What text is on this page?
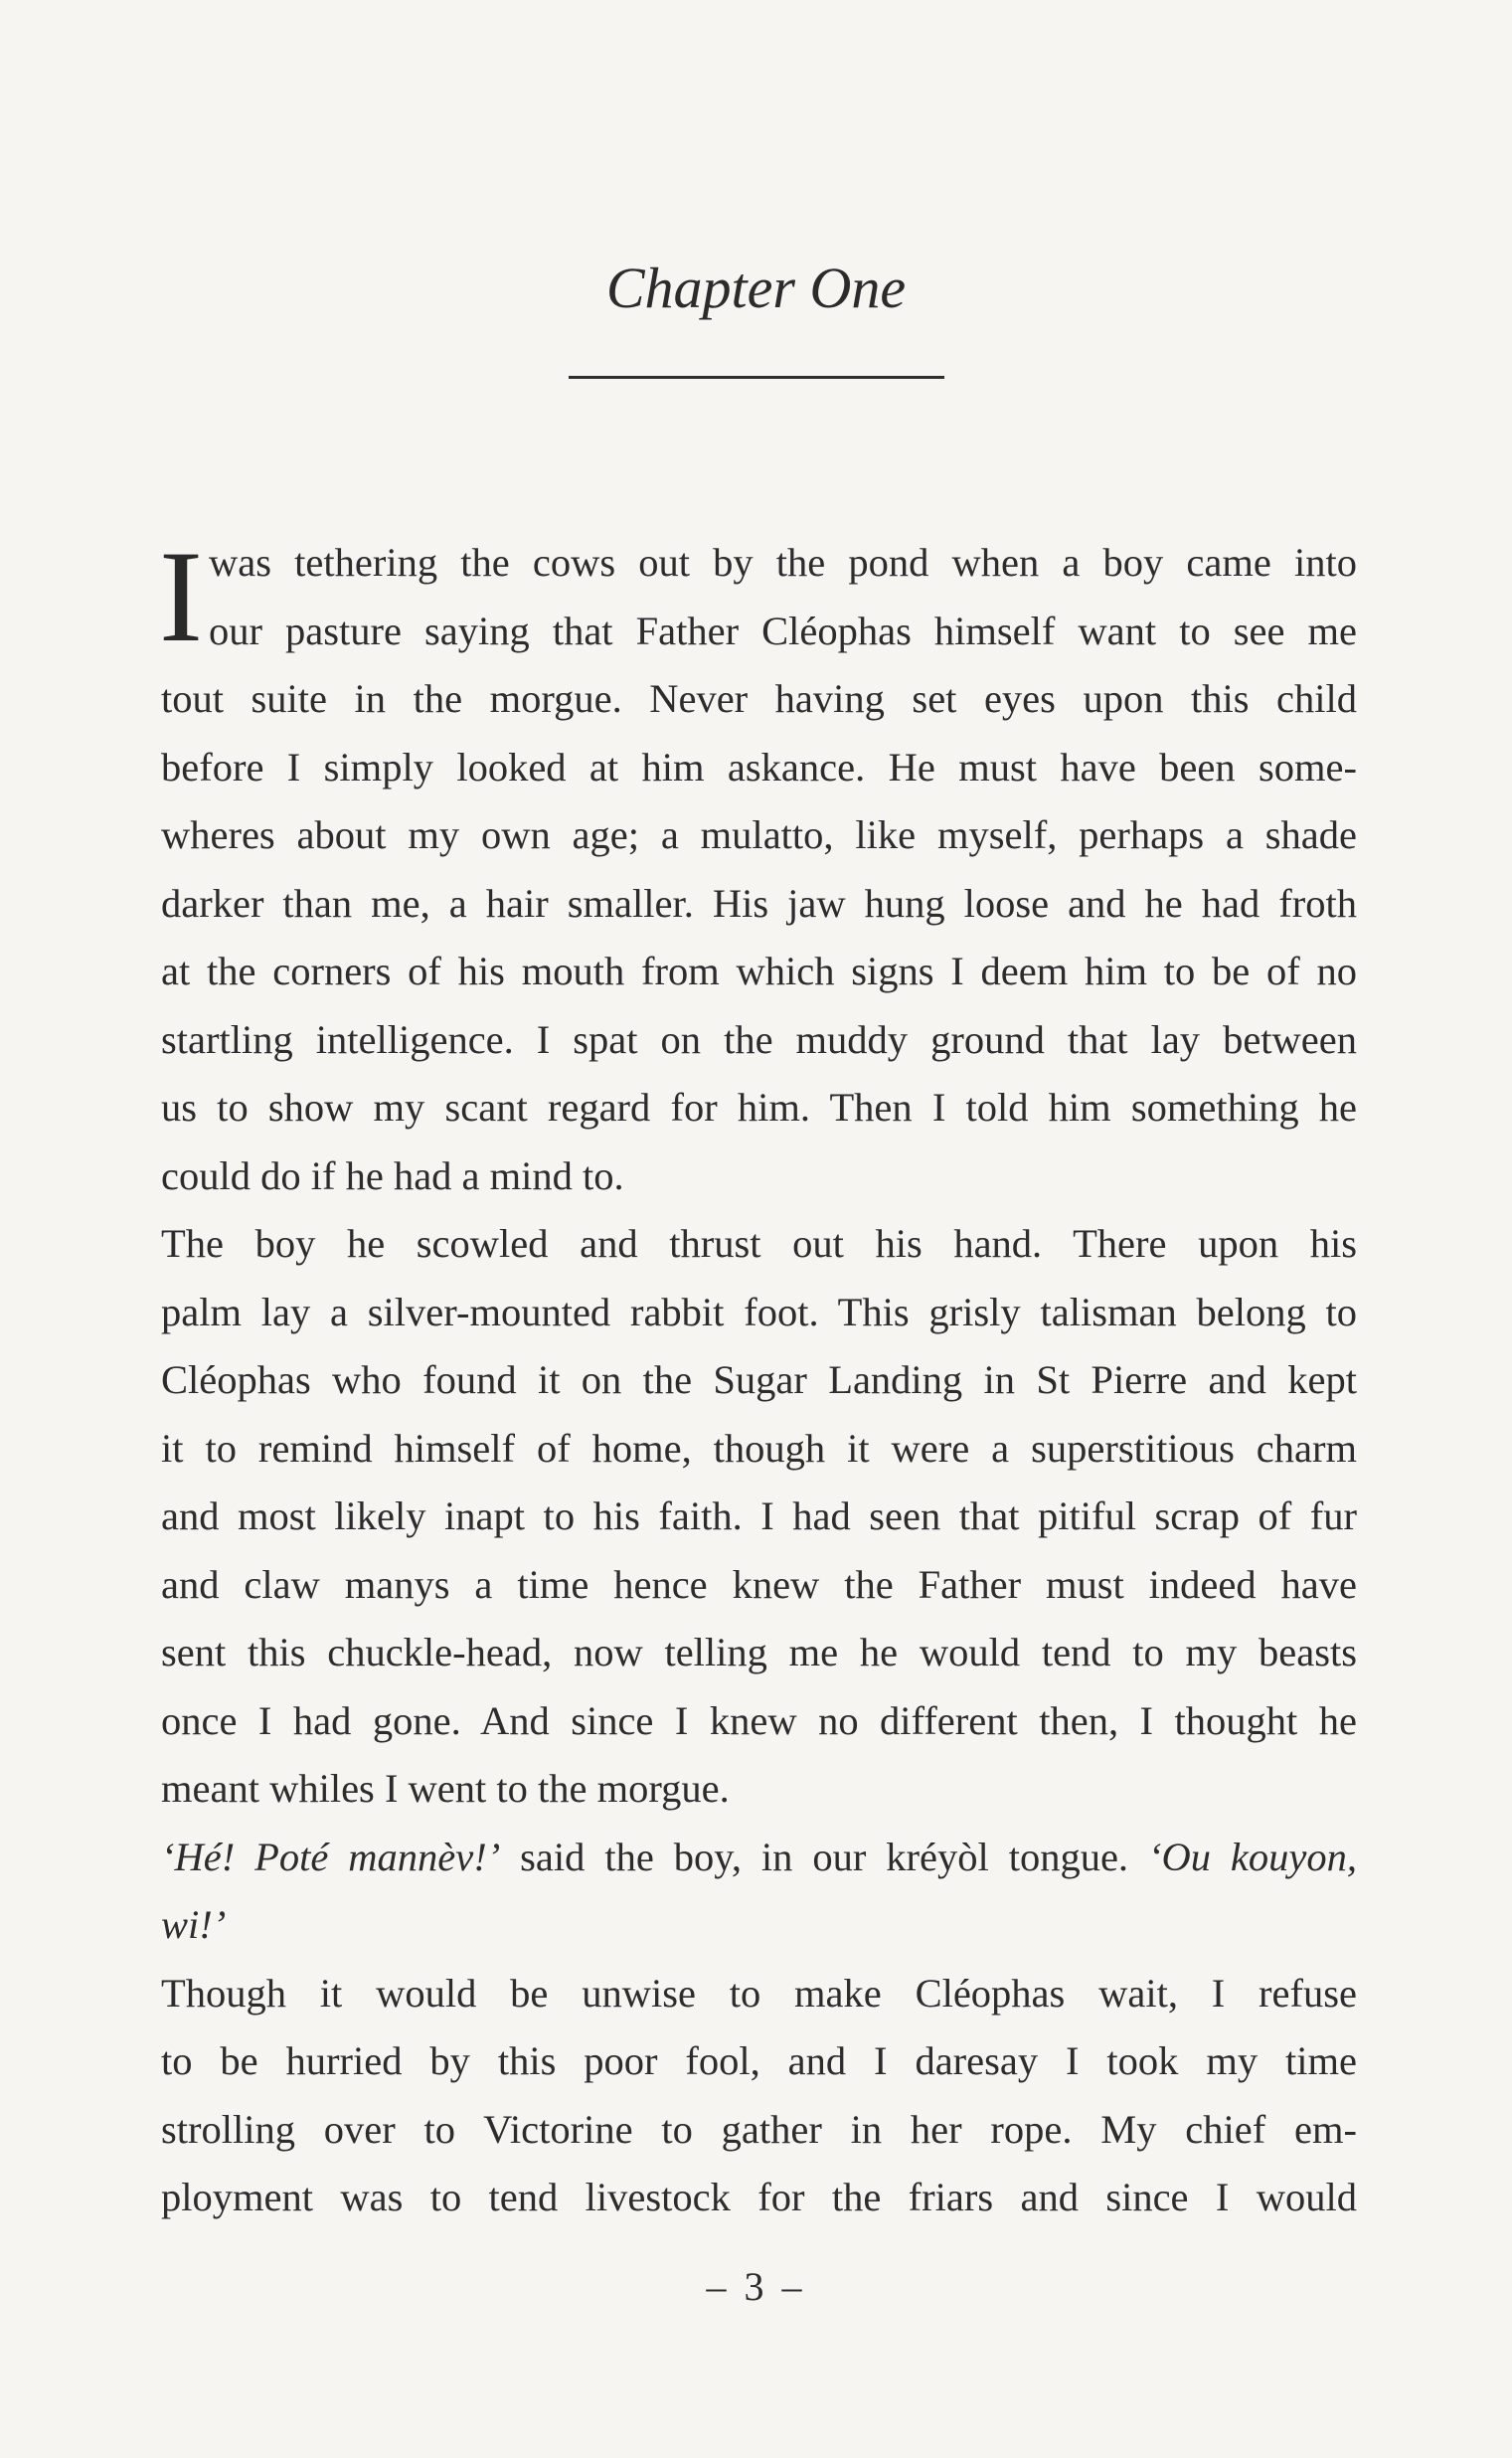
Chapter One
I was tethering the cows out by the pond when a boy came into
our pasture saying that Father Cléophas himself want to see me
tout suite in the morgue. Never having set eyes upon this child
before I simply looked at him askance. He must have been some-
wheres about my own age; a mulatto, like myself, perhaps a shade
darker than me, a hair smaller. His jaw hung loose and he had froth
at the corners of his mouth from which signs I deem him to be of no
startling intelligence. I spat on the muddy ground that lay between
us to show my scant regard for him. Then I told him something he
could do if he had a mind to.
The boy he scowled and thrust out his hand. There upon his
palm lay a silver-mounted rabbit foot. This grisly talisman belong to
Cléophas who found it on the Sugar Landing in St Pierre and kept
it to remind himself of home, though it were a superstitious charm
and most likely inapt to his faith. I had seen that pitiful scrap of fur
and claw manys a time hence knew the Father must indeed have
sent this chuckle-head, now telling me he would tend to my beasts
once I had gone. And since I knew no different then, I thought he
meant whiles I went to the morgue.
‘Hé! Poté mannèv!’ said the boy, in our kréyòl tongue. ‘Ou kouyon,
wi!’
Though it would be unwise to make Cléophas wait, I refuse
to be hurried by this poor fool, and I daresay I took my time
strolling over to Victorine to gather in her rope. My chief em-
ployment was to tend livestock for the friars and since I would
– 3 –
